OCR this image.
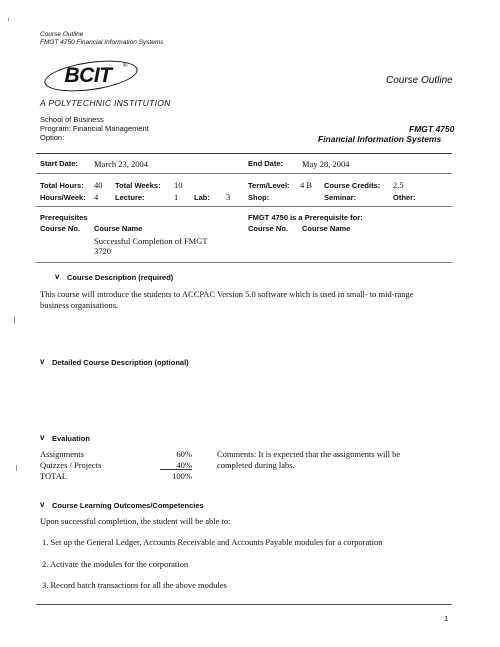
Course Outline
FMGT 4750 Financial Information Systems
BCIT ®
A POLYTECHNIC INSTITUTION
Course Outline
School of Business
Program: Financial Management
Option:
FMGT 4750
Financial Information Systems
Start Date: March 23, 2004	End Date: May 28, 2004
Total Hours: 40 Total Weeks: 10	Term/Level: 4 B Course Credits: 2.5
Hours/Week: 4 Lecture:	1 Lab: 3 Shop:	Seminar:	Other:
Prerequisites
Course No. Course Name
Successful Completion of FMGT
3720
FMGT 4750 is a Prerequisite for:
Course No. Course Name
v Course Description (required)
This course will introduce the students to ACCPAC Version 5.0 software which is used in small- to mid-range
business organisations.
v Detailed Course Description (optional)
v Evaluation
Assignments	60%
Quizzes / Projects	40%
TOTAL	100%
Comments: It is expected that the assignments will be
completed during labs.
v Course Learning Outcomes/Competencies
Upon successful completion, the student will be able to:
1. Set up the General Ledger, Accounts Receivable and Accounts Payable modules for a corporation
2. Activate the modules for the corporation
3. Record batch transactions for all the above modules
1
